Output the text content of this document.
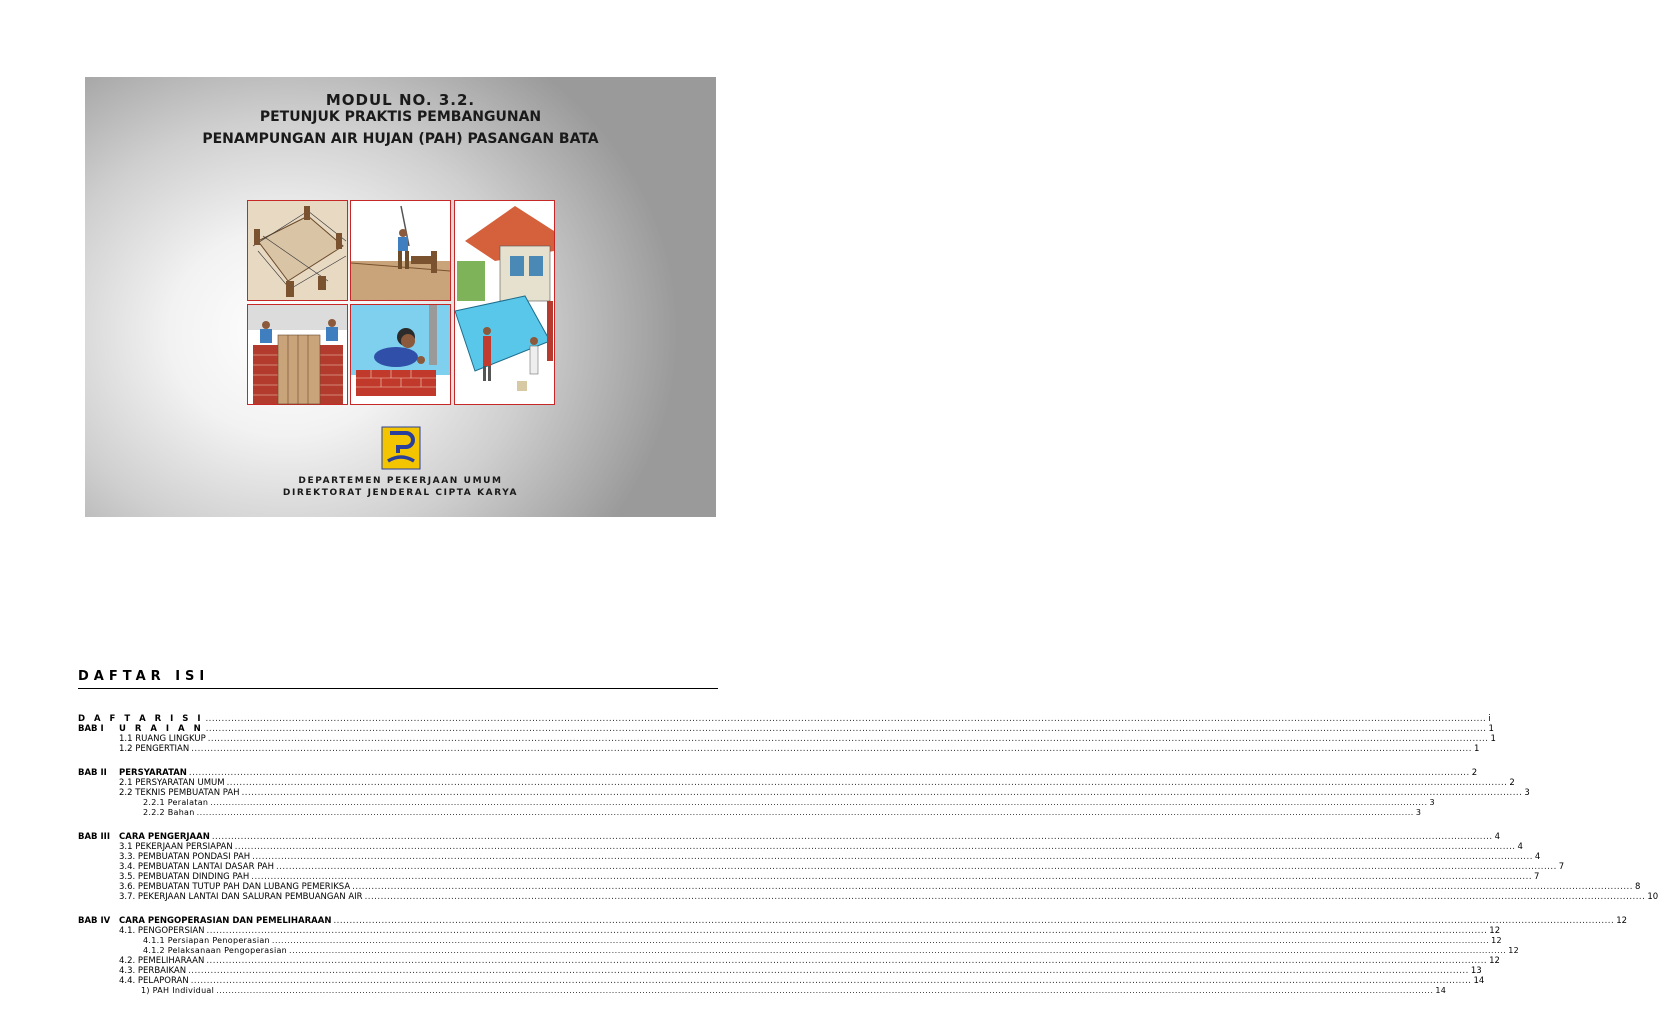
MODUL NO. 3.2.
PETUNJUK PRAKTIS PEMBANGUNAN
PENAMPUNGAN AIR HUJAN (PAH) PASANGAN BATA
DEPARTEMEN PEKERJAAN UMUM
DIREKTORAT JENDERAL CIPTA KARYA
DAFTAR ISI
D A F T A R I S I ................................................................................................................................................................................................................................................................................................................................................................................................................ i
BAB I U R A I A N ................................................................................................................................................................................................................................................................................................................................................................................................................ 1
1.1 RUANG LINGKUP ................................................................................................................................................................................................................................................................................................................................................................................................................ 1
1.2 PENGERTIAN ................................................................................................................................................................................................................................................................................................................................................................................................................ 1
BAB II PERSYARATAN ................................................................................................................................................................................................................................................................................................................................................................................................................ 2
2.1 PERSYARATAN UMUM ................................................................................................................................................................................................................................................................................................................................................................................................................ 2
2.2 TEKNIS PEMBUATAN PAH ................................................................................................................................................................................................................................................................................................................................................................................................................ 3
2.2.1 Peralatan ................................................................................................................................................................................................................................................................................................................................................................................................................ 3
2.2.2 Bahan ................................................................................................................................................................................................................................................................................................................................................................................................................ 3
BAB III CARA PENGERJAAN ................................................................................................................................................................................................................................................................................................................................................................................................................ 4
3.1 PEKERJAAN PERSIAPAN ................................................................................................................................................................................................................................................................................................................................................................................................................ 4
3.3. PEMBUATAN PONDASI PAH ................................................................................................................................................................................................................................................................................................................................................................................................................ 4
3.4. PEMBUATAN LANTAI DASAR PAH ................................................................................................................................................................................................................................................................................................................................................................................................................ 7
3.5. PEMBUATAN DINDING PAH ................................................................................................................................................................................................................................................................................................................................................................................................................ 7
3.6. PEMBUATAN TUTUP PAH DAN LUBANG PEMERIKSA ................................................................................................................................................................................................................................................................................................................................................................................................................ 8
3.7. PEKERJAAN LANTAI DAN SALURAN PEMBUANGAN AIR ................................................................................................................................................................................................................................................................................................................................................................................................................ 10
BAB IV CARA PENGOPERASIAN DAN PEMELIHARAAN ................................................................................................................................................................................................................................................................................................................................................................................................................ 12
4.1. PENGOPERSIAN ................................................................................................................................................................................................................................................................................................................................................................................................................ 12
4.1.1 Persiapan Penoperasian ................................................................................................................................................................................................................................................................................................................................................................................................................ 12
4.1.2 Pelaksanaan Pengoperasian ................................................................................................................................................................................................................................................................................................................................................................................................................ 12
4.2. PEMELIHARAAN ................................................................................................................................................................................................................................................................................................................................................................................................................ 12
4.3. PERBAIKAN ................................................................................................................................................................................................................................................................................................................................................................................................................ 13
4.4. PELAPORAN ................................................................................................................................................................................................................................................................................................................................................................................................................ 14
1) PAH Individual ................................................................................................................................................................................................................................................................................................................................................................................................................ 14
